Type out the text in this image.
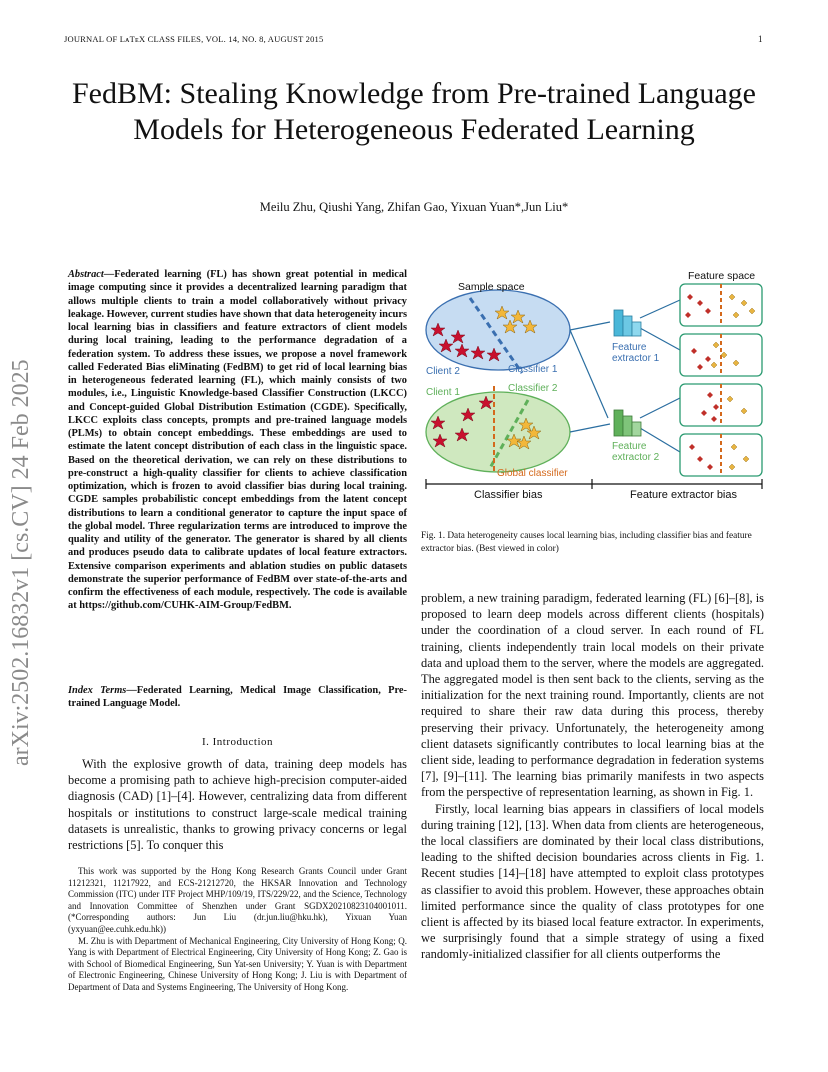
JOURNAL OF LᴀTᴇX CLASS FILES, VOL. 14, NO. 8, AUGUST 2015	1
FedBM: Stealing Knowledge from Pre-trained Language Models for Heterogeneous Federated Learning
Meilu Zhu, Qiushi Yang, Zhifan Gao, Yixuan Yuan*,Jun Liu*
arXiv:2502.16832v1 [cs.CV] 24 Feb 2025
Abstract—Federated learning (FL) has shown great potential in medical image computing since it provides a decentralized learning paradigm that allows multiple clients to train a model collaboratively without privacy leakage. However, current studies have shown that data heterogeneity incurs local learning bias in classifiers and feature extractors of client models during local training, leading to the performance degradation of a federation system. To address these issues, we propose a novel framework called Federated Bias eliMinating (FedBM) to get rid of local learning bias in heterogeneous federated learning (FL), which mainly consists of two modules, i.e., Linguistic Knowledge-based Classifier Construction (LKCC) and Concept-guided Global Distribution Estimation (CGDE). Specifically, LKCC exploits class concepts, prompts and pre-trained language models (PLMs) to obtain concept embeddings. These embeddings are used to estimate the latent concept distribution of each class in the linguistic space. Based on the theoretical derivation, we can rely on these distributions to pre-construct a high-quality classifier for clients to achieve classification optimization, which is frozen to avoid classifier bias during local training. CGDE samples probabilistic concept embeddings from the latent concept distributions to learn a conditional generator to capture the input space of the global model. Three regularization terms are introduced to improve the quality and utility of the generator. The generator is shared by all clients and produces pseudo data to calibrate updates of local feature extractors. Extensive comparison experiments and ablation studies on public datasets demonstrate the superior performance of FedBM over state-of-the-arts and confirm the effectiveness of each module, respectively. The code is available at https://github.com/CUHK-AIM-Group/FedBM.
Index Terms—Federated Learning, Medical Image Classification, Pre-trained Language Model.
I. Introduction

With the explosive growth of data, training deep models has become a promising path to achieve high-precision computer-aided diagnosis (CAD) [1]–[4]. However, centralizing data from different hospitals or institutions to construct large-scale medical training datasets is unrealistic, thanks to growing privacy concerns or legal restrictions [5]. To conquer this

This work was supported by the Hong Kong Research Grants Council under Grant 11212321, 11217922, and ECS-21212720, the HKSAR Innovation and Technology Commission (ITC) under ITF Project MHP/109/19, ITS/229/22, and the Science, Technology and Innovation Committee of Shenzhen under Grant SGDX20210823104001011. (*Corresponding authors: Jun Liu (dr.jun.liu@hku.hk), Yixuan Yuan (yxyuan@ee.cuhk.edu.hk))

M. Zhu is with Department of Mechanical Engineering, City University of Hong Kong; Q. Yang is with Department of Electrical Engineering, City University of Hong Kong; Z. Gao is with School of Biomedical Engineering, Sun Yat-sen University; Y. Yuan is with Department of Electronic Engineering, Chinese University of Hong Kong; J. Liu is with Department of Department of Data and Systems Engineering, The University of Hong Kong.

Sample space
Client 2
Client 1
Classifier 1
Classifier 2
Global classifier
Feature
extractor 1
Feature
extractor 2
Feature space
Classifier bias	Feature extractor bias
Fig. 1. Data heterogeneity causes local learning bias, including classifier bias and feature extractor bias. (Best viewed in color)

problem, a new training paradigm, federated learning (FL) [6]–[8], is proposed to learn deep models across different clients (hospitals) under the coordination of a cloud server. In each round of FL training, clients independently train local models on their private data and upload them to the server, where the models are aggregated. The aggregated model is then sent back to the clients, serving as the initialization for the next training round. Importantly, clients are not required to share their raw data during this process, thereby preserving their privacy. Unfortunately, the heterogeneity among client datasets significantly contributes to local learning bias at the client side, leading to performance degradation in federation systems [7], [9]–[11]. The learning bias primarily manifests in two aspects from the perspective of representation learning, as shown in Fig. 1.

Firstly, local learning bias appears in classifiers of local models during training [12], [13]. When data from clients are heterogeneous, the local classifiers are dominated by their local class distributions, leading to the shifted decision boundaries across clients in Fig. 1. Recent studies [14]–[18] have attempted to exploit class prototypes as classifier to avoid this problem. However, these approaches obtain limited performance since the quality of class prototypes for one client is affected by its biased local feature extractor. In experiments, we surprisingly found that a simple strategy of using a fixed randomly-initialized classifier for all clients outperforms the
